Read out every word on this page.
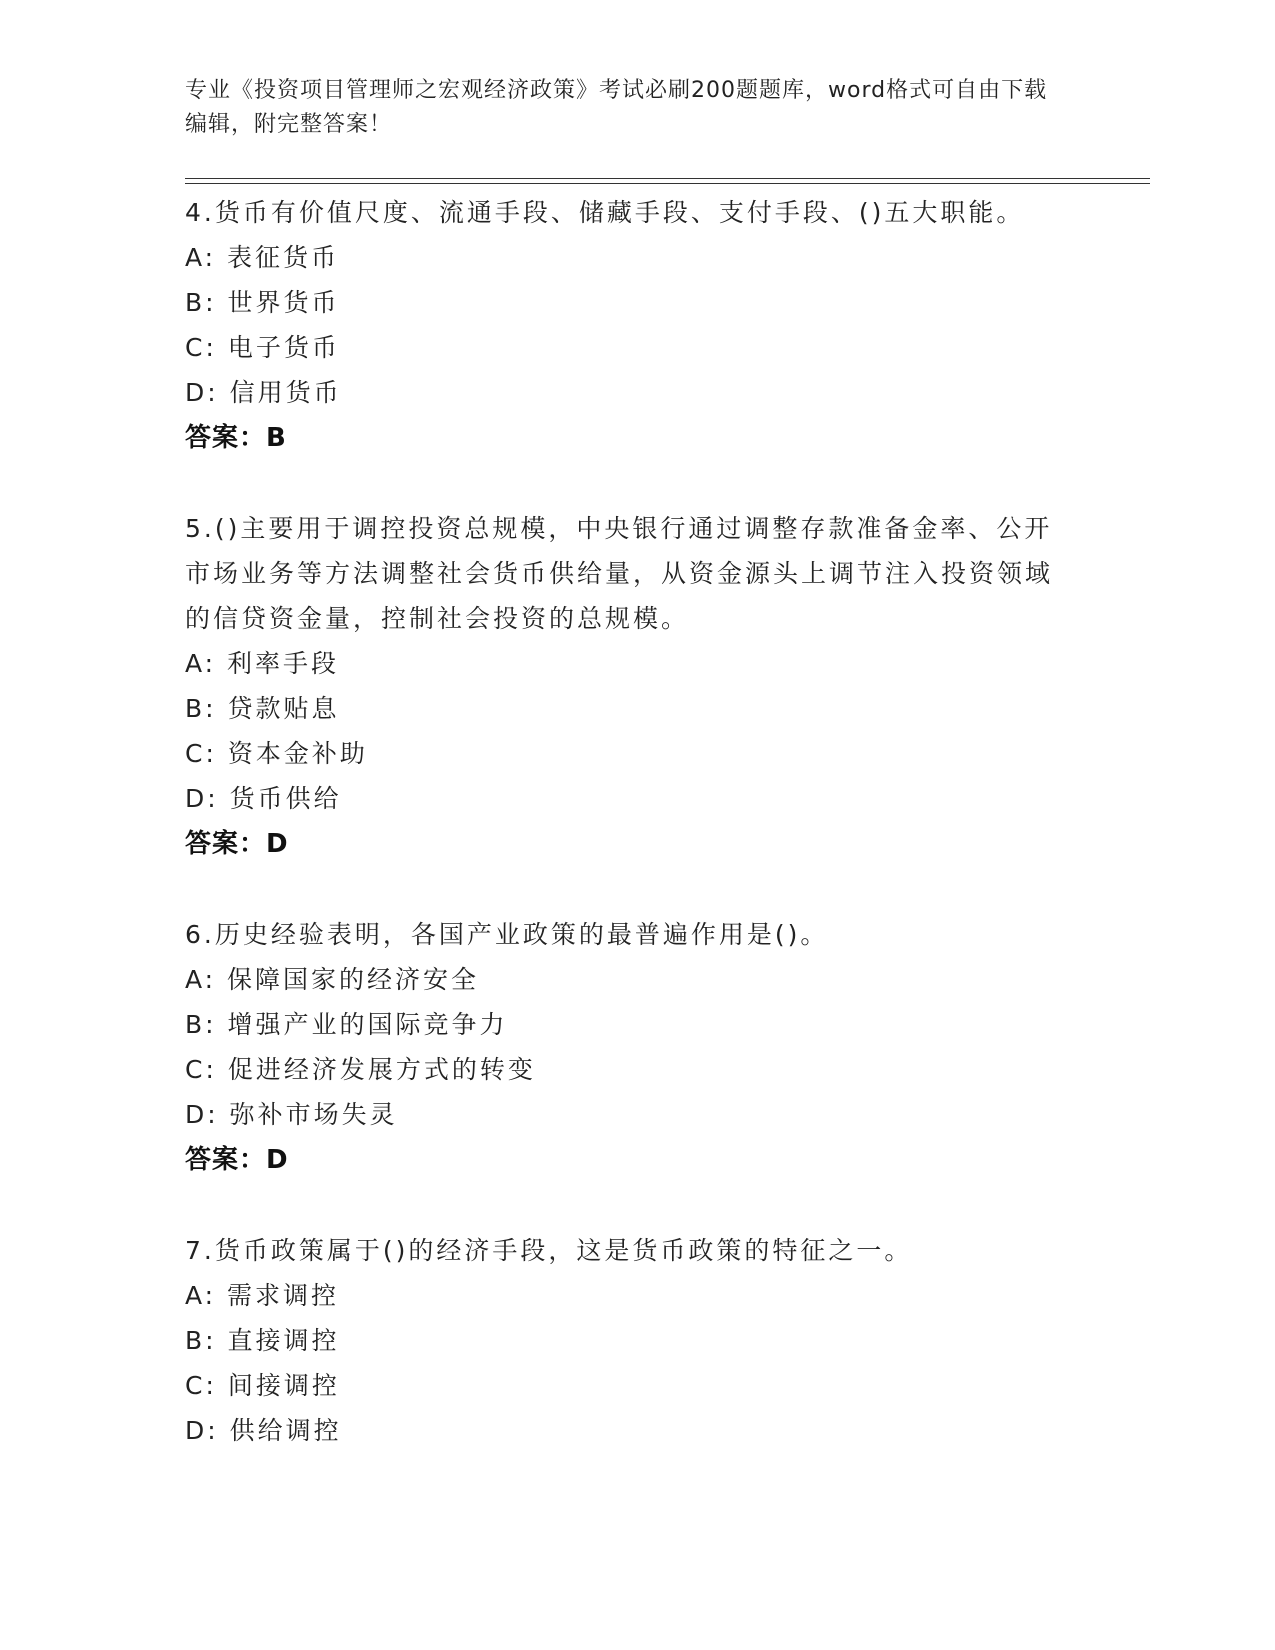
专业《投资项目管理师之宏观经济政策》考试必刷200题题库，word格式可自由下载编辑，附完整答案！
4.货币有价值尺度、流通手段、储藏手段、支付手段、()五大职能。
A: 表征货币
B: 世界货币
C: 电子货币
D: 信用货币
答案：B
5.()主要用于调控投资总规模，中央银行通过调整存款准备金率、公开市场业务等方法调整社会货币供给量，从资金源头上调节注入投资领域的信贷资金量，控制社会投资的总规模。
A: 利率手段
B: 贷款贴息
C: 资本金补助
D: 货币供给
答案：D
6.历史经验表明，各国产业政策的最普遍作用是()。
A: 保障国家的经济安全
B: 增强产业的国际竞争力
C: 促进经济发展方式的转变
D: 弥补市场失灵
答案：D
7.货币政策属于()的经济手段，这是货币政策的特征之一。
A: 需求调控
B: 直接调控
C: 间接调控
D: 供给调控
